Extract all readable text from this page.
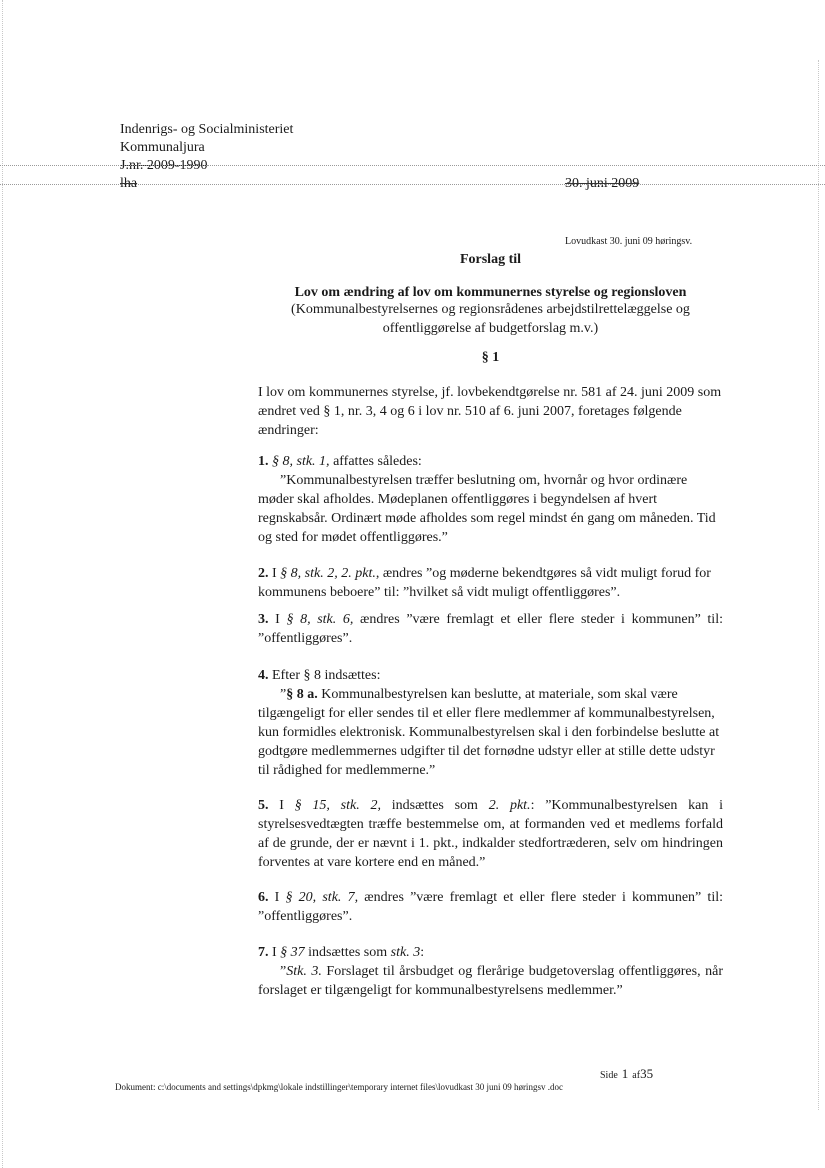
Indenrigs- og Socialministeriet
Kommunaljura
J.nr. 2009-1990
lha	30. juni 2009
Lovudkast 30. juni 09 høringsv.
Forslag til
Lov om ændring af lov om kommunernes styrelse og regionsloven
(Kommunalbestyrelsernes og regionsrådenes arbejdstilrettelæggelse og offentliggørelse af budgetforslag m.v.)
§ 1
I lov om kommunernes styrelse, jf. lovbekendtgørelse nr. 581 af 24. juni 2009 som ændret ved § 1, nr. 3, 4 og 6 i lov nr. 510 af 6. juni 2007, foretages følgende ændringer:
1. § 8, stk. 1, affattes således:
”Kommunalbestyrelsen træffer beslutning om, hvornår og hvor ordinære møder skal afholdes. Mødeplanen offentliggøres i begyndelsen af hvert regnskabsår. Ordinært møde afholdes som regel mindst én gang om måneden. Tid og sted for mødet offentliggøres.”
2. I § 8, stk. 2, 2. pkt., ændres ”og møderne bekendtgøres så vidt muligt forud for kommunens beboere” til: ”hvilket så vidt muligt offentliggøres”.
3. I § 8, stk. 6, ændres ”være fremlagt et eller flere steder i kommunen” til: ”offentliggøres”.
4. Efter § 8 indsættes:
”§ 8 a. Kommunalbestyrelsen kan beslutte, at materiale, som skal være tilgængeligt for eller sendes til et eller flere medlemmer af kommunalbestyrelsen, kun formidles elektronisk. Kommunalbestyrelsen skal i den forbindelse beslutte at godtgøre medlemmernes udgifter til det fornødne udstyr eller at stille dette udstyr til rådighed for medlemmerne.”
5. I § 15, stk. 2, indsættes som 2. pkt.: ”Kommunalbestyrelsen kan i styrelsesvedtægten træffe bestemmelse om, at formanden ved et medlems forfald af de grunde, der er nævnt i 1. pkt., indkalder stedfortræderen, selv om hindringen forventes at vare kortere end en måned.”
6. I § 20, stk. 7, ændres ”være fremlagt et eller flere steder i kommunen” til: ”offentliggøres”.
7. I § 37 indsættes som stk. 3:
”Stk. 3. Forslaget til årsbudget og flerårige budgetoverslag offentliggøres, når forslaget er tilgængeligt for kommunalbestyrelsens medlemmer.”
Side 1 af35
Dokument: c:\documents and settings\dpkmg\lokale indstillinger\temporary internet files\lovudkast 30 juni 09 høringsv .doc
